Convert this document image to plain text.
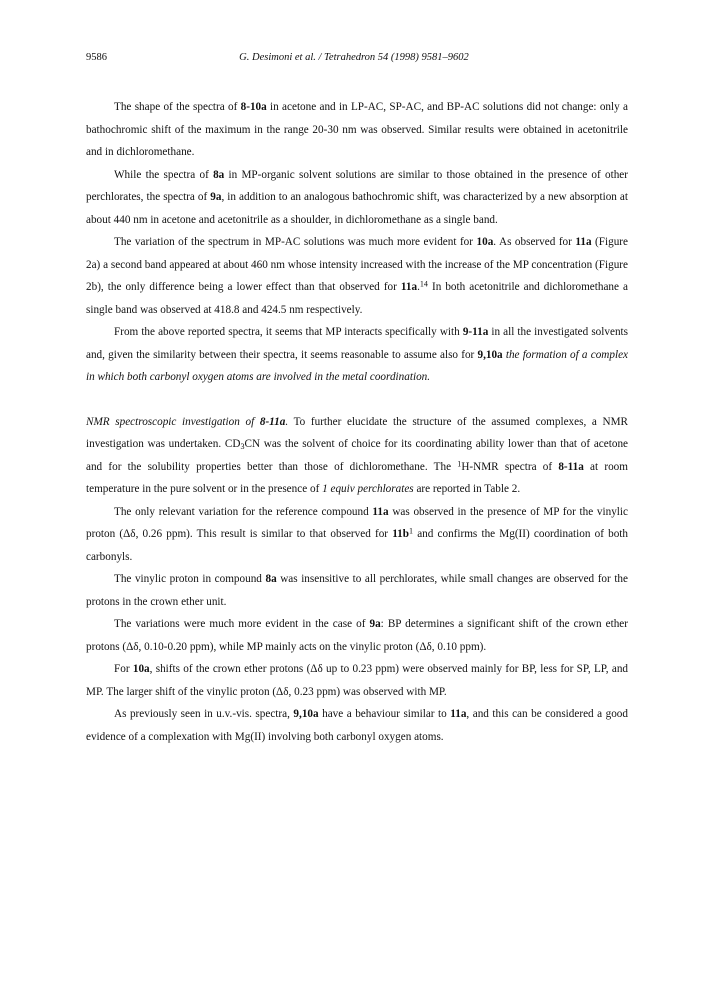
9586	G. Desimoni et al. / Tetrahedron 54 (1998) 9581–9602

The shape of the spectra of 8-10a in acetone and in LP-AC, SP-AC, and BP-AC solutions did not change: only a bathochromic shift of the maximum in the range 20-30 nm was observed. Similar results were obtained in acetonitrile and in dichloromethane.

While the spectra of 8a in MP-organic solvent solutions are similar to those obtained in the presence of other perchlorates, the spectra of 9a, in addition to an analogous bathochromic shift, was characterized by a new absorption at about 440 nm in acetone and acetonitrile as a shoulder, in dichloromethane as a single band.

The variation of the spectrum in MP-AC solutions was much more evident for 10a. As observed for 11a (Figure 2a) a second band appeared at about 460 nm whose intensity increased with the increase of the MP concentration (Figure 2b), the only difference being a lower effect than that observed for 11a.$^{14}$ In both acetonitrile and dichloromethane a single band was observed at 418.8 and 424.5 nm respectively.

From the above reported spectra, it seems that MP interacts specifically with 9-11a in all the investigated solvents and, given the similarity between their spectra, it seems reasonable to assume also for 9,10a the formation of a complex in which both carbonyl oxygen atoms are involved in the metal coordination.

NMR spectroscopic investigation of 8-11a. To further elucidate the structure of the assumed complexes, a NMR investigation was undertaken. $CD_3CN$ was the solvent of choice for its coordinating ability lower than that of acetone and for the solubility properties better than those of dichloromethane. The $^1$H-NMR spectra of 8-11a at room temperature in the pure solvent or in the presence of 1 equiv perchlorates are reported in Table 2.

The only relevant variation for the reference compound 11a was observed in the presence of MP for the vinylic proton (Δδ, 0.26 ppm). This result is similar to that observed for $11b^1$ and confirms the Mg(II) coordination of both carbonyls.

The vinylic proton in compound 8a was insensitive to all perchlorates, while small changes are observed for the protons in the crown ether unit.

The variations were much more evident in the case of 9a: BP determines a significant shift of the crown ether protons (Δδ, 0.10-0.20 ppm), while MP mainly acts on the vinylic proton (Δδ, 0.10 ppm).

For 10a, shifts of the crown ether protons (Δδ up to 0.23 ppm) were observed mainly for BP, less for SP, LP, and MP. The larger shift of the vinylic proton (Δδ, 0.23 ppm) was observed with MP.

As previously seen in u.v.-vis. spectra, 9,10a have a behaviour similar to 11a, and this can be considered a good evidence of a complexation with Mg(II) involving both carbonyl oxygen atoms.
